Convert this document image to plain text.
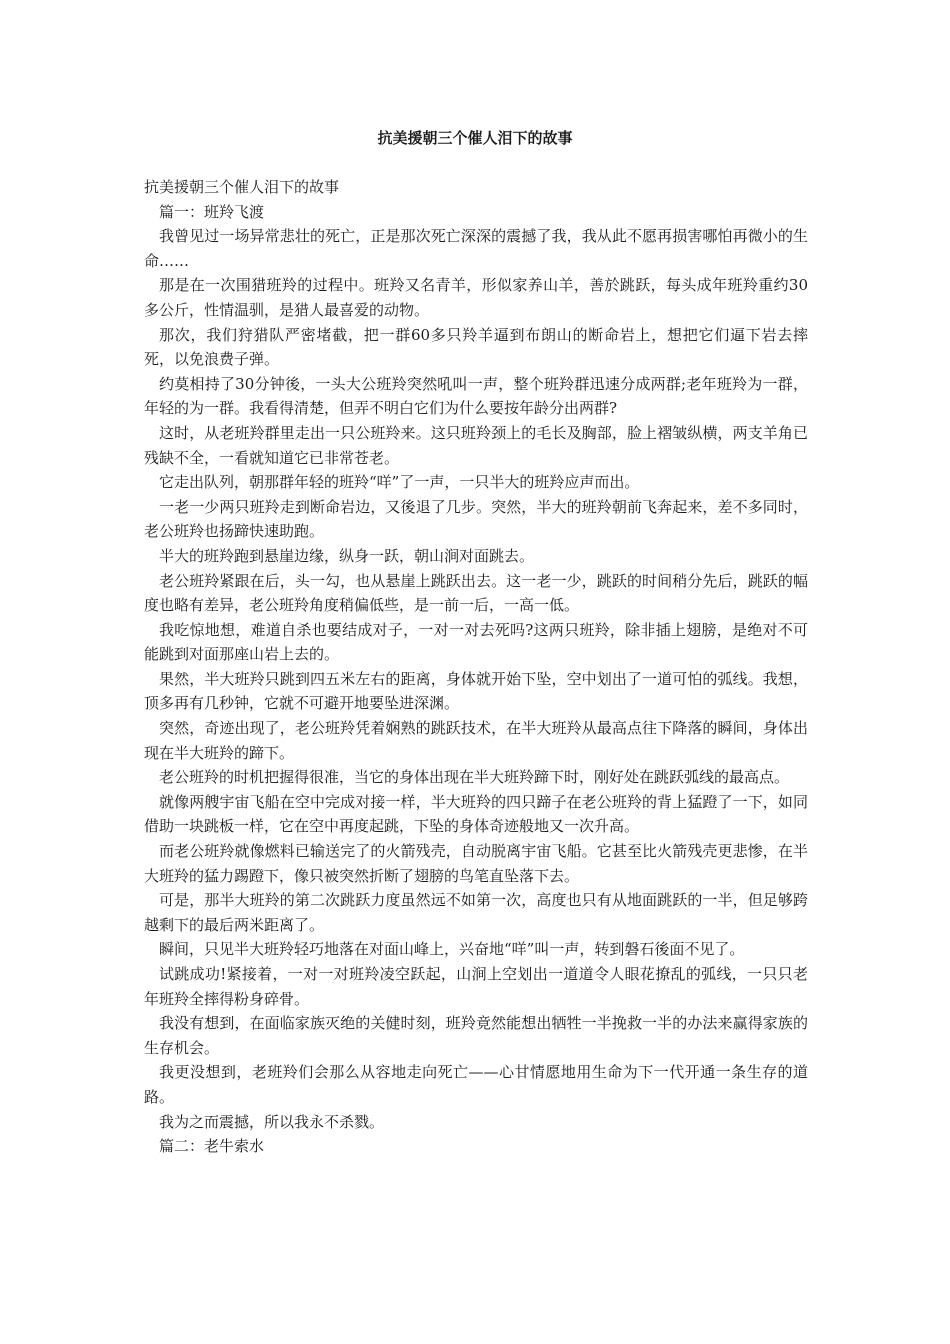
抗美援朝三个催人泪下的故事

抗美援朝三个催人泪下的故事

篇一：班羚飞渡

我曾见过一场异常悲壮的死亡，正是那次死亡深深的震撼了我，我从此不愿再损害哪怕再微小的生命……

那是在一次围猎班羚的过程中。班羚又名青羊，形似家养山羊，善於跳跃，每头成年班羚重约30多公斤，性情温驯，是猎人最喜爱的动物。

那次，我们狩猎队严密堵截，把一群60多只羚羊逼到布朗山的断命岩上，想把它们逼下岩去摔死，以免浪费子弹。

约莫相持了30分钟後，一头大公班羚突然吼叫一声，整个班羚群迅速分成两群;老年班羚为一群，年轻的为一群。我看得清楚，但弄不明白它们为什么要按年龄分出两群?

这时，从老班羚群里走出一只公班羚来。这只班羚颈上的毛长及胸部，脸上褶皱纵横，两支羊角已残缺不全，一看就知道它已非常苍老。

它走出队列，朝那群年轻的班羚“咩”了一声，一只半大的班羚应声而出。

一老一少两只班羚走到断命岩边，又後退了几步。突然，半大的班羚朝前飞奔起来，差不多同时，老公班羚也扬蹄快速助跑。

半大的班羚跑到悬崖边缘，纵身一跃，朝山涧对面跳去。

老公班羚紧跟在后，头一勾，也从悬崖上跳跃出去。这一老一少，跳跃的时间稍分先后，跳跃的幅度也略有差异，老公班羚角度稍偏低些，是一前一后，一高一低。

我吃惊地想，难道自杀也要结成对子，一对一对去死吗?这两只班羚，除非插上翅膀，是绝对不可能跳到对面那座山岩上去的。

果然，半大班羚只跳到四五米左右的距离，身体就开始下坠，空中划出了一道可怕的弧线。我想，顶多再有几秒钟，它就不可避开地要坠进深渊。

突然，奇迹出现了，老公班羚凭着娴熟的跳跃技术，在半大班羚从最高点往下降落的瞬间，身体出现在半大班羚的蹄下。

老公班羚的时机把握得很准，当它的身体出现在半大班羚蹄下时，刚好处在跳跃弧线的最高点。

就像两艘宇宙飞船在空中完成对接一样，半大班羚的四只蹄子在老公班羚的背上猛蹬了一下，如同借助一块跳板一样，它在空中再度起跳，下坠的身体奇迹般地又一次升高。

而老公班羚就像燃料已输送完了的火箭残壳，自动脱离宇宙飞船。它甚至比火箭残壳更悲惨，在半大班羚的猛力踢蹬下，像只被突然折断了翅膀的鸟笔直坠落下去。

可是，那半大班羚的第二次跳跃力度虽然远不如第一次，高度也只有从地面跳跃的一半，但足够跨越剩下的最后两米距离了。

瞬间，只见半大班羚轻巧地落在对面山峰上，兴奋地“咩”叫一声，转到磐石後面不见了。

试跳成功!紧接着，一对一对班羚凌空跃起，山涧上空划出一道道令人眼花撩乱的弧线，一只只老年班羚全摔得粉身碎骨。

我没有想到，在面临家族灭绝的关健时刻，班羚竟然能想出牺牲一半挽救一半的办法来赢得家族的生存机会。

我更没想到，老班羚们会那么从容地走向死亡——心甘情愿地用生命为下一代开通一条生存的道路。

我为之而震撼，所以我永不杀戮。

篇二：老牛索水
